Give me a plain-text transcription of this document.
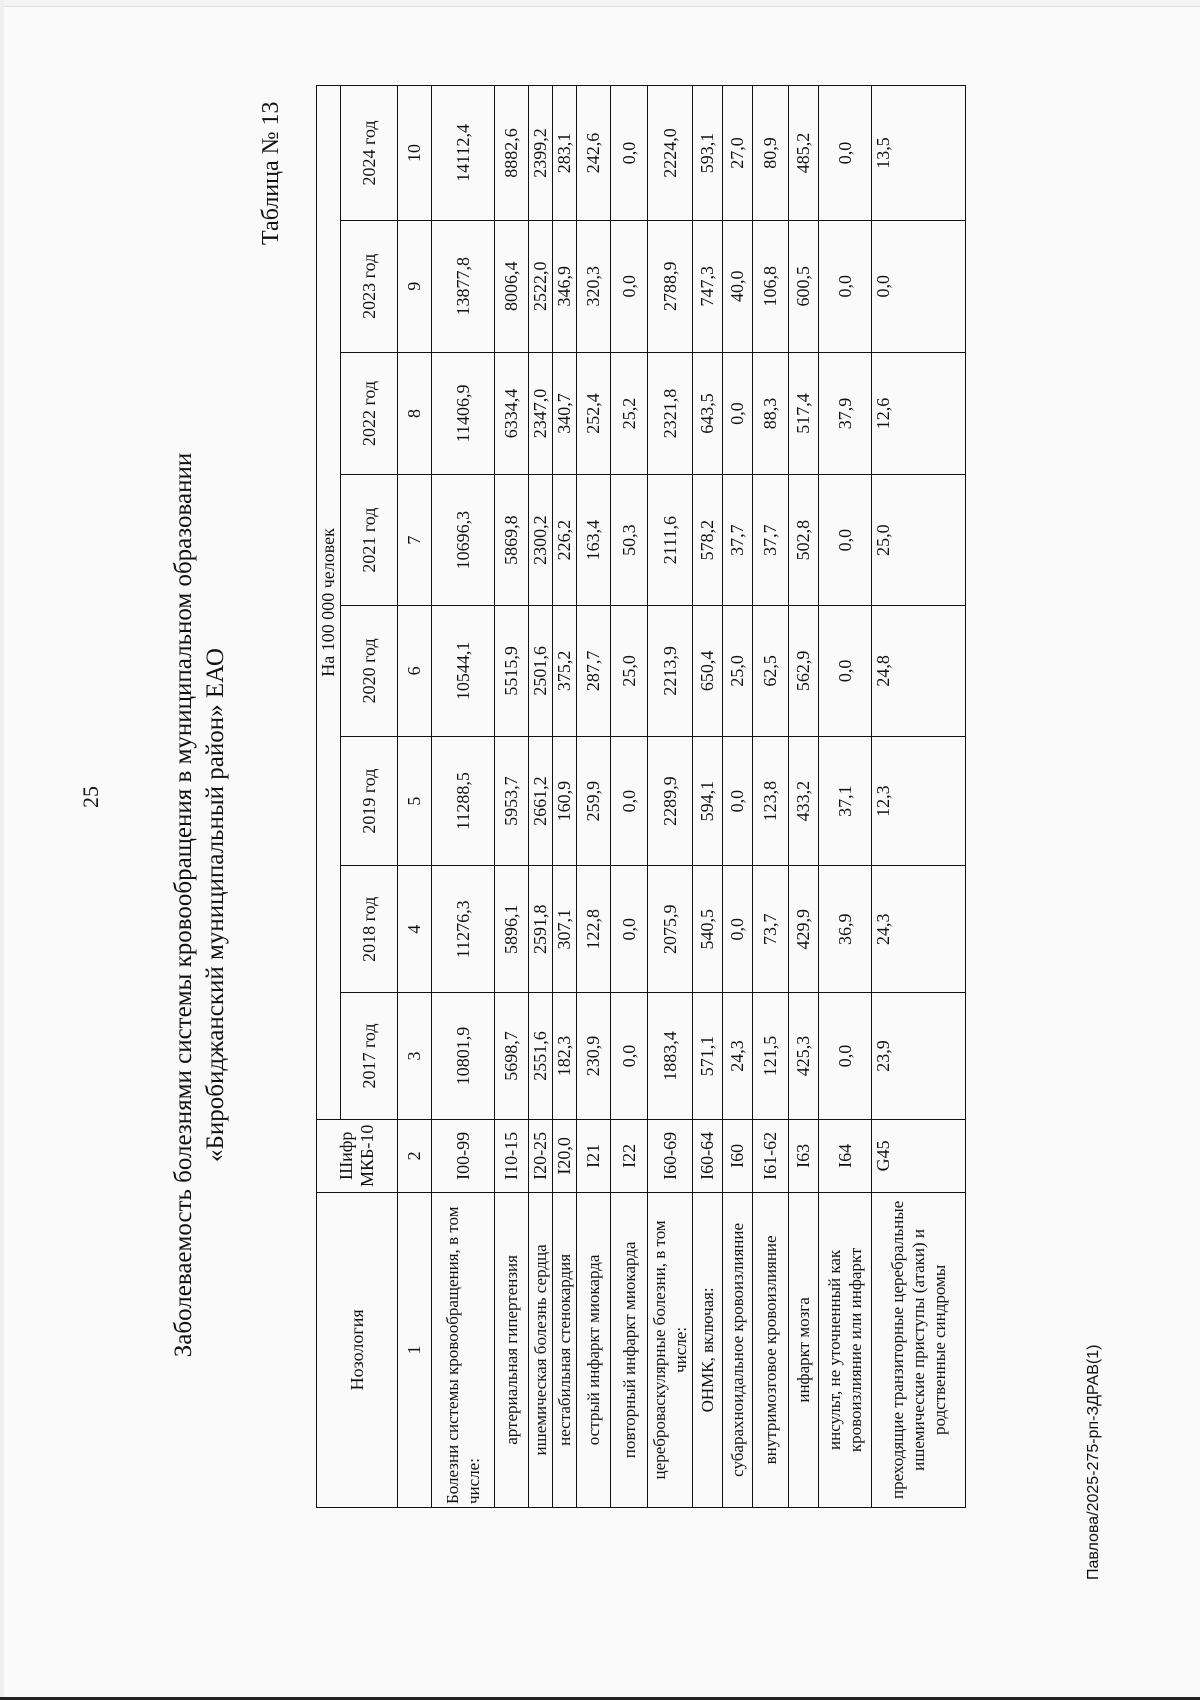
25	Заболеваемость болезнями системы кровообращения в муниципальном образовании «Биробиджанский муниципальный район» ЕАО
Таблица № 13
Нозология	Шифр МКБ-10	На 100 000 человек							
		2017 год	2018 год	2019 год	2020 год	2021 год	2022 год	2023 год	2024 год
1	2	3	4	5	6	7	8	9	10
Болезни системы кровообращения, в том числе:	I00-99	10801,9	11276,3	11288,5	10544,1	10696,3	11406,9	13877,8	14112,4
артериальная гипертензия	I10-15	5698,7	5896,1	5953,7	5515,9	5869,8	6334,4	8006,4	8882,6
ишемическая болезнь сердца	I20-25	2551,6	2591,8	2661,2	2501,6	2300,2	2347,0	2522,0	2399,2
нестабильная стенокардия	I20,0	182,3	307,1	160,9	375,2	226,2	340,7	346,9	283,1
острый инфаркт миокарда	I21	230,9	122,8	259,9	287,7	163,4	252,4	320,3	242,6
повторный инфаркт миокарда	I22	0,0	0,0	0,0	25,0	50,3	25,2	0,0	0,0
цереброваскулярные болезни, в том числе:	I60-69	1883,4	2075,9	2289,9	2213,9	2111,6	2321,8	2788,9	2224,0
ОНМК, включая:	I60-64	571,1	540,5	594,1	650,4	578,2	643,5	747,3	593,1
субарахноидальное кровоизлияние	I60	24,3	0,0	0,0	25,0	37,7	0,0	40,0	27,0
внутримозговое кровоизлияние	I61-62	121,5	73,7	123,8	62,5	37,7	88,3	106,8	80,9
инфаркт мозга	I63	425,3	429,9	433,2	562,9	502,8	517,4	600,5	485,2
инсульт, не уточненный как кровоизлияние или инфаркт	I64	0,0	36,9	37,1	0,0	0,0	37,9	0,0	0,0
преходящие транзиторные церебральные ишемические приступы (атаки) и родственные синдромы	G45	23,9	24,3	12,3	24,8	25,0	12,6	0,0	13,5
Павлова/2025-275-рп-ЗДРАВ(1)
